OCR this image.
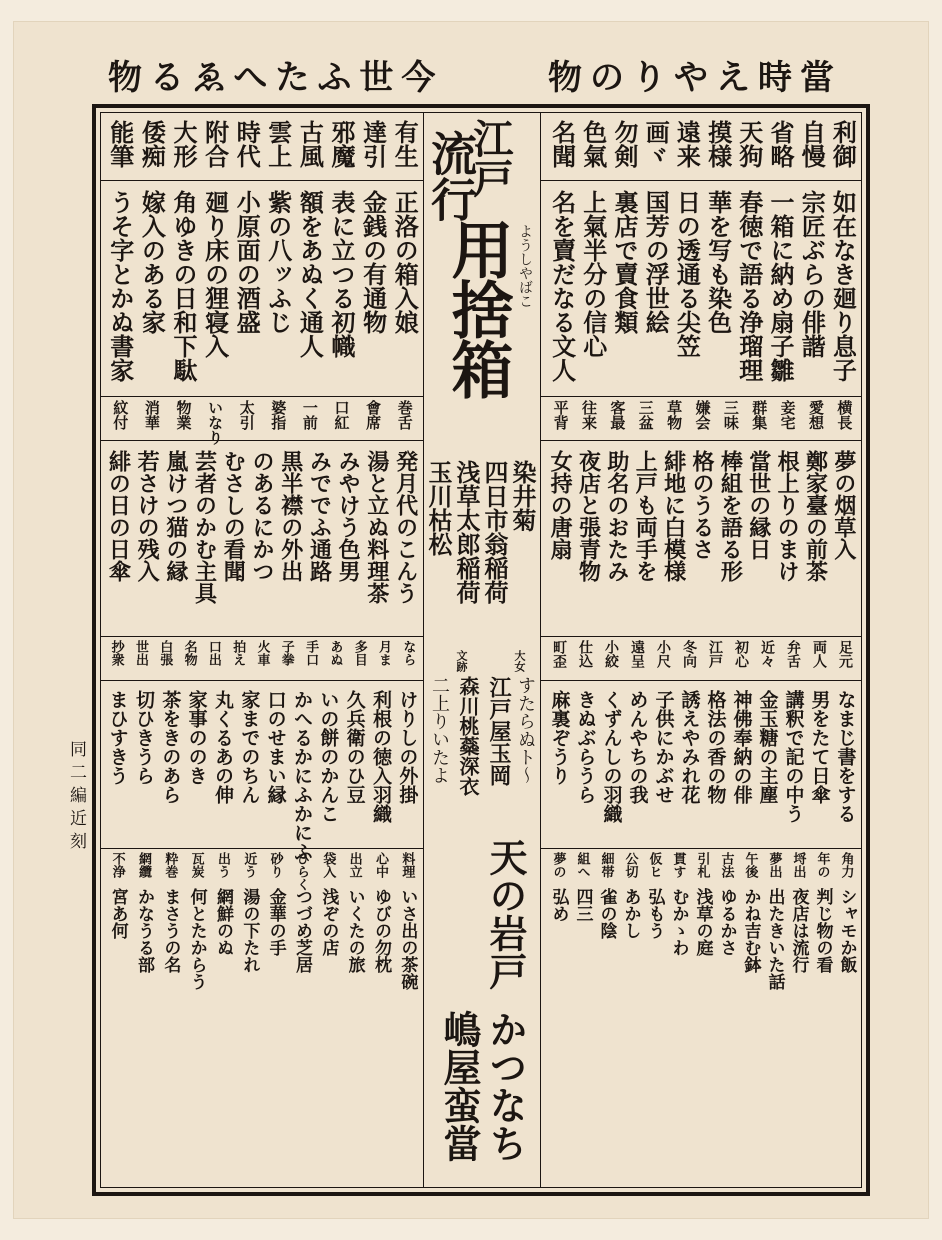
物るゑへたふ世今	物のりやえ時當
同二編近刻
利御
自慢
省略
天狗
摸様
遠来
画ヾ
勿剣
色氣
名聞
如在なき廻り息子
宗匠ぶらの俳諧
一箱に納め扇子雛
春徳で語る浄瑠理
華を写も染色
日の透通る尖笠
国芳の浮世絵
裏店で賣食類
上氣半分の信心
名を賣だなる文人
横長
愛想
妾宅
群集
三味
嫌会
草物
三盆
客最
往来
平背
夢の烟草入
鄭家臺の前茶
根上りのまけ
當世の縁日
棒組を語る形
格のうるさ
緋地に白模様
上戸も両手を
助名のおたみ
夜店と張青物
女持の唐扇
足元
両人
弁舌
近々
初心
江戸
冬向
小尺
遠呈
小絞
仕込
町歪
なまじ書をする
男をたて日傘
講釈で記の中う
金玉糖の主塵
神佛奉納の俳
格法の香の物
誘えやみれ花
子供にかぶせ
めんやちの我
くずんしの羽織
きぬぶらうら
麻裏ぞうり
角力
年の
埒出
夢出
午後
古法
引札
貫す
仮ヒ
公切
細帯
組へ
夢の
シャモか飯
判じ物の看
夜店は流行
出たきいた話
かね吉む鉢
ゆるかさ
浅草の庭
むかゝわ
弘もう
あかし
雀の陰
四三
弘め
有生
達引
邪魔
古風
雲上
時代
附合
大形
倭痴
能筆
正洛の箱入娘
金銭の有通物
表に立つる初幟
額をあぬく通人
紫の八ッふじ
小原面の酒盛
廻り床の狸寝入
角ゆきの日和下駄
嫁入のある家
うそ字とかぬ書家
巻舌
會席
口紅
一前
婆指
太引
いなり
物業
消華
紋付
発月代のこんう
湯と立ぬ料理茶
みやけう色男
みででふ通路
黒半襟の外出
のあるにかつ
むさしの看聞
芸者のかむ主具
嵐けつ猫の縁
若さけの残入
緋の日の日傘
なら
月ま
多目
あぬ
手口
子拳
火車
拍え
口出
名物
白張
世出
抄衆
けりしの外掛
利根の徳入羽織
久兵衛のひ豆
いの餅のかんこ
かへるかにふかにふ
口のせまい縁
家までのちん
丸くるあの伸
家事ののき
茶をきのあら
切ひきうら
まひすきう
料理
心中
出立
袋入
ひらく
砂り
近う
出う
瓦炭
粋巻
網纜
不浄
いさ出の茶碗
ゆびの勿枕
いくたの旅
浅ぞの店
つづめ芝居
金華の手
湯の下たれ
網鮮のぬ
何とたからう
まさうの名
かなうる部
宮あ何
江戸
流行
用捨箱 ようしやばこ
染井菊
四日市翁稲荷
浅草太郎稲荷
玉川枯松
大女
文跡
すたらぬト～
江戸屋玉岡
森川桃蘂深衣
二上りいたよ
天の岩戸
嶋屋蛮當 かつなち
